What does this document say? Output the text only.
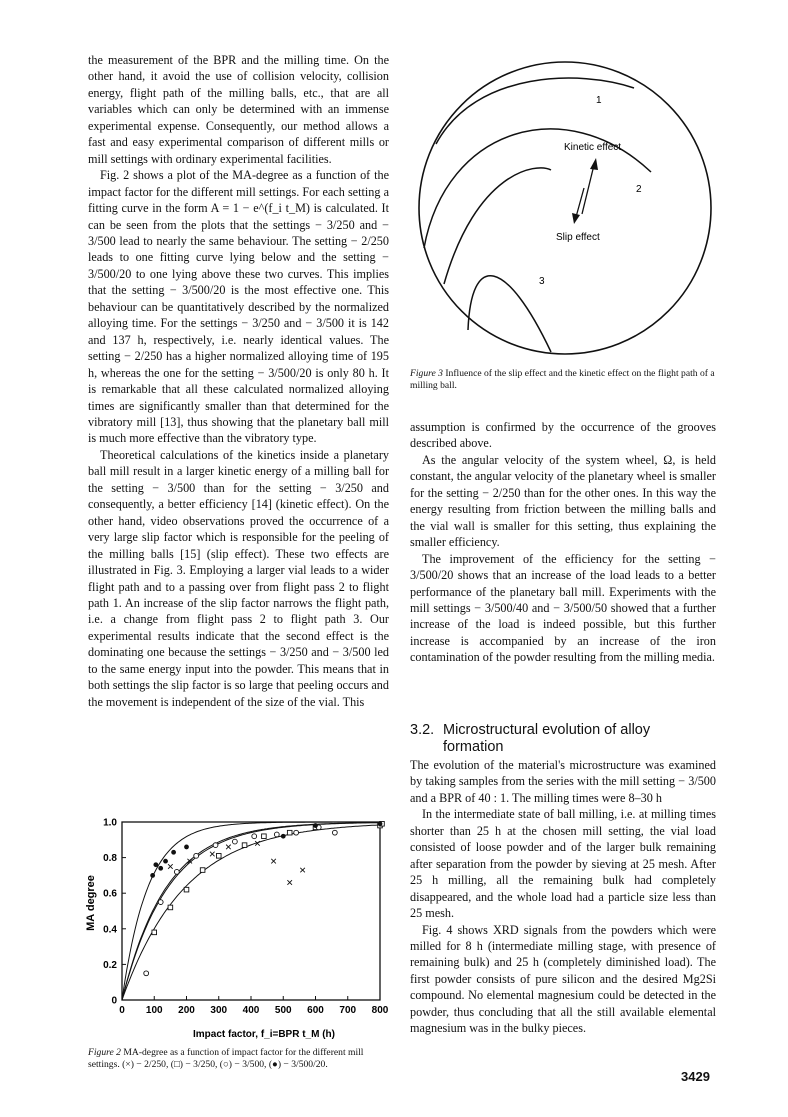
the measurement of the BPR and the milling time. On the other hand, it avoid the use of collision velocity, collision energy, flight path of the milling balls, etc., that are all variables which can only be determined with an immense experimental expense. Consequently, our method allows a fast and easy experimental comparison of different mills or mill settings with ordinary experimental facilities.

Fig. 2 shows a plot of the MA-degree as a function of the impact factor for the different mill settings. For each setting a fitting curve in the form A = 1 − e^(f_i t_M) is calculated. It can be seen from the plots that the settings − 3/250 and − 3/500 lead to nearly the same behaviour. The setting − 2/250 leads to one fitting curve lying below and the setting − 3/500/20 to one lying above these two curves. This implies that the setting − 3/500/20 is the most effective one. This behaviour can be quantitatively described by the normalized alloying time. For the settings − 3/250 and − 3/500 it is 142 and 137 h, respectively, i.e. nearly identical values. The setting − 2/250 has a higher normalized alloying time of 195 h, whereas the one for the setting − 3/500/20 is only 80 h. It is remarkable that all these calculated normalized alloying times are significantly smaller than that determined for the vibratory mill [13], thus showing that the planetary ball mill is much more effective than the vibratory type.

Theoretical calculations of the kinetics inside a planetary ball mill result in a larger kinetic energy of a milling ball for the setting − 3/500 than for the setting − 3/250 and consequently, a better efficiency [14] (kinetic effect). On the other hand, video observations proved the occurrence of a very large slip factor which is responsible for the peeling of the milling balls [15] (slip effect). These two effects are illustrated in Fig. 3. Employing a larger vial leads to a wider flight path and to a passing over from flight pass 2 to flight path 1. An increase of the slip factor narrows the flight path, i.e. a change from flight pass 2 to flight path 3. Our experimental results indicate that the second effect is the dominating one because the settings − 3/250 and − 3/500 led to the same energy input into the powder. This means that in both settings the slip factor is so large that peeling occurs and the movement is independent of the size of the vial. This

1
2
3
Kinetic effect
Slip effect
Figure 3 Influence of the slip effect and the kinetic effect on the flight path of a milling ball.

assumption is confirmed by the occurrence of the grooves described above.

As the angular velocity of the system wheel, Ω, is held constant, the angular velocity of the planetary wheel is smaller for the setting − 2/250 than for the other ones. In this way the energy resulting from friction between the milling balls and the vial wall is smaller for this setting, thus explaining the smaller efficiency.

The improvement of the efficiency for the setting − 3/500/20 shows that an increase of the load leads to a better performance of the planetary ball mill. Experiments with the mill settings − 3/500/40 and − 3/500/50 showed that a further increase of the load is indeed possible, but this further increase is accompanied by an increase of the iron contamination of the powder resulting from the milling media.

3.2. Microstructural evolution of alloy
formation

The evolution of the material's microstructure was examined by taking samples from the series with the mill setting − 3/500 and a BPR of 40 : 1. The milling times were 8–30 h

In the intermediate state of ball milling, i.e. at milling times shorter than 25 h at the chosen mill setting, the vial load consisted of loose powder and of the larger bulk remaining after separation from the powder by sieving at 25 mesh. After 25 h milling, all the remaining bulk had completely disappeared, and the whole load had a particle size less than 25 mesh.

Fig. 4 shows XRD signals from the powders which were milled for 8 h (intermediate milling stage, with presence of remaining bulk) and 25 h (completely diminished load). The first powder consists of pure silicon and the desired Mg2Si compound. No elemental magnesium could be detected in the powder, thus concluding that all the still available elemental magnesium was in the bulky pieces.

0 100 200 300 400 500 600 700 800
0
0.2
0.4
0.6
0.8
1.0
MA degree
Impact factor, f_i=BPR t_M (h)
Figure 2 MA-degree as a function of impact factor for the different mill settings. (×) − 2/250, (□) − 3/250, (○) − 3/500, (●) − 3/500/20.
3429
